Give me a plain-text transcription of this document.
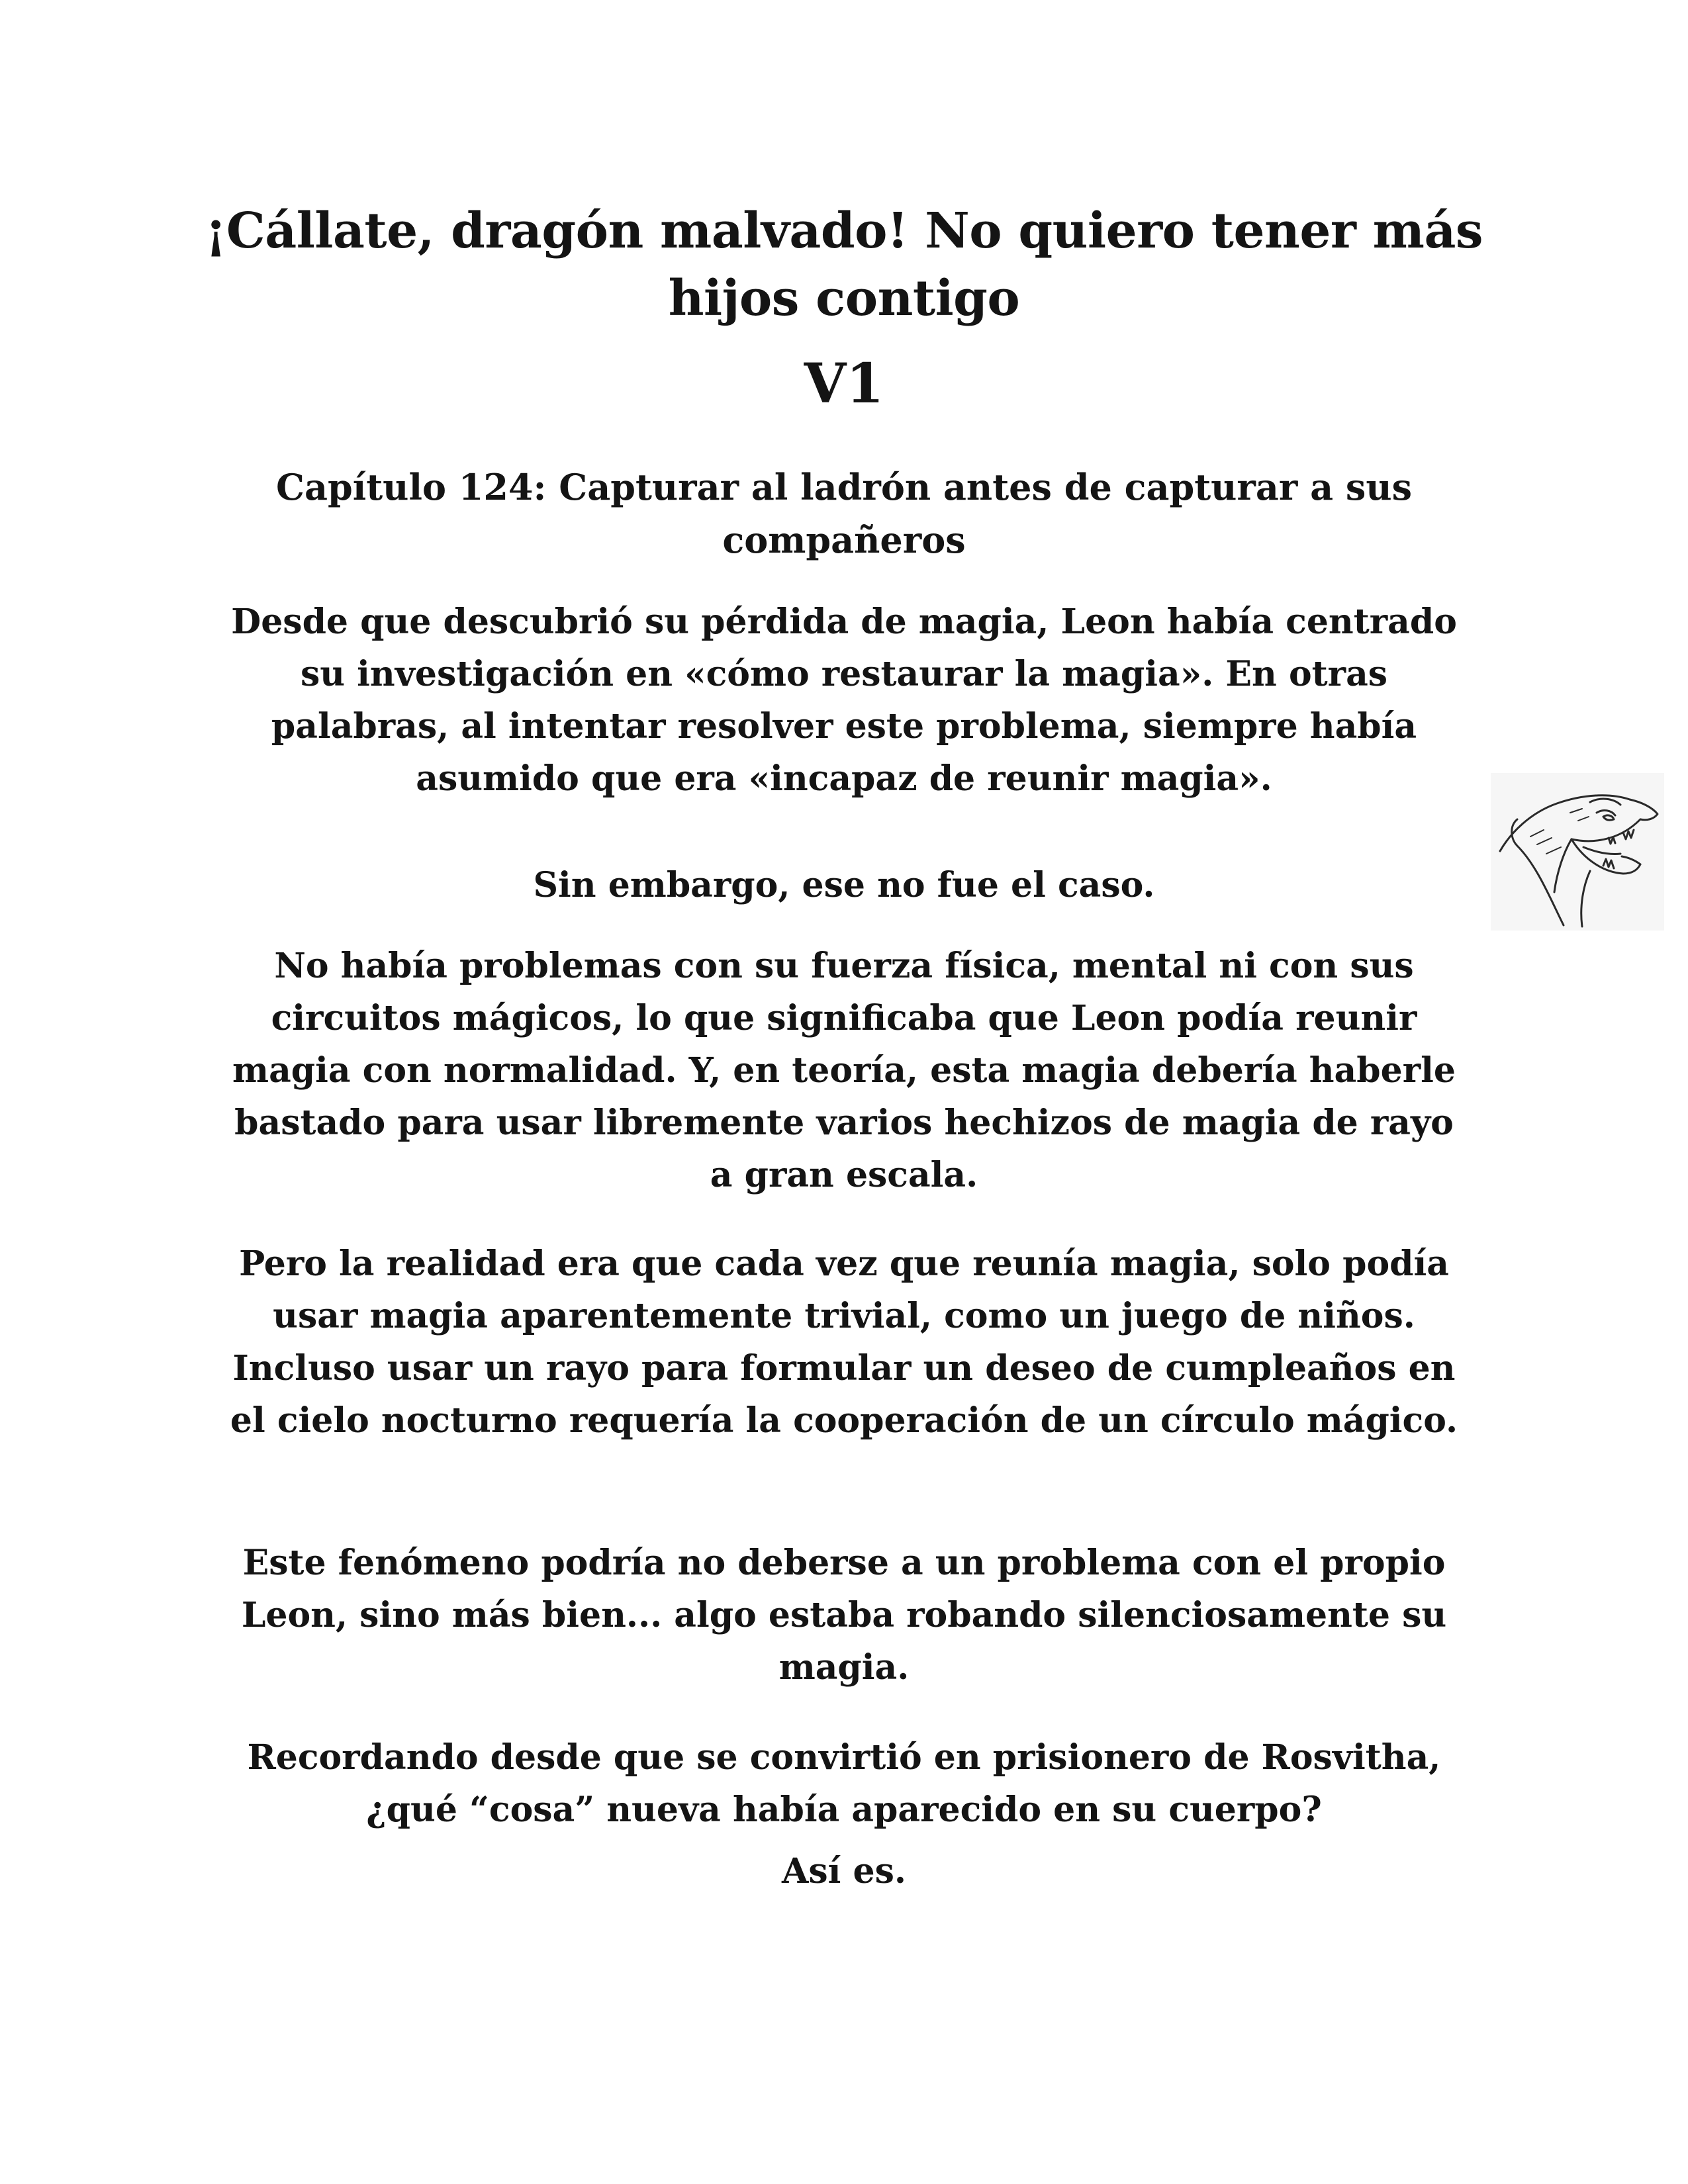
¡Cállate, dragón malvado! No quiero tener más hijos contigo
V1
Capítulo 124: Capturar al ladrón antes de capturar a sus compañeros

Desde que descubrió su pérdida de magia, Leon había centrado su investigación en «cómo restaurar la magia». En otras palabras, al intentar resolver este problema, siempre había asumido que era «incapaz de reunir magia».

Sin embargo, ese no fue el caso.

No había problemas con su fuerza física, mental ni con sus circuitos mágicos, lo que significaba que Leon podía reunir magia con normalidad. Y, en teoría, esta magia debería haberle bastado para usar libremente varios hechizos de magia de rayo a gran escala.

Pero la realidad era que cada vez que reunía magia, solo podía usar magia aparentemente trivial, como un juego de niños. Incluso usar un rayo para formular un deseo de cumpleaños en el cielo nocturno requería la cooperación de un círculo mágico.

Este fenómeno podría no deberse a un problema con el propio Leon, sino más bien... algo estaba robando silenciosamente su magia.

Recordando desde que se convirtió en prisionero de Rosvitha, ¿qué “cosa” nueva había aparecido en su cuerpo?

Así es.
